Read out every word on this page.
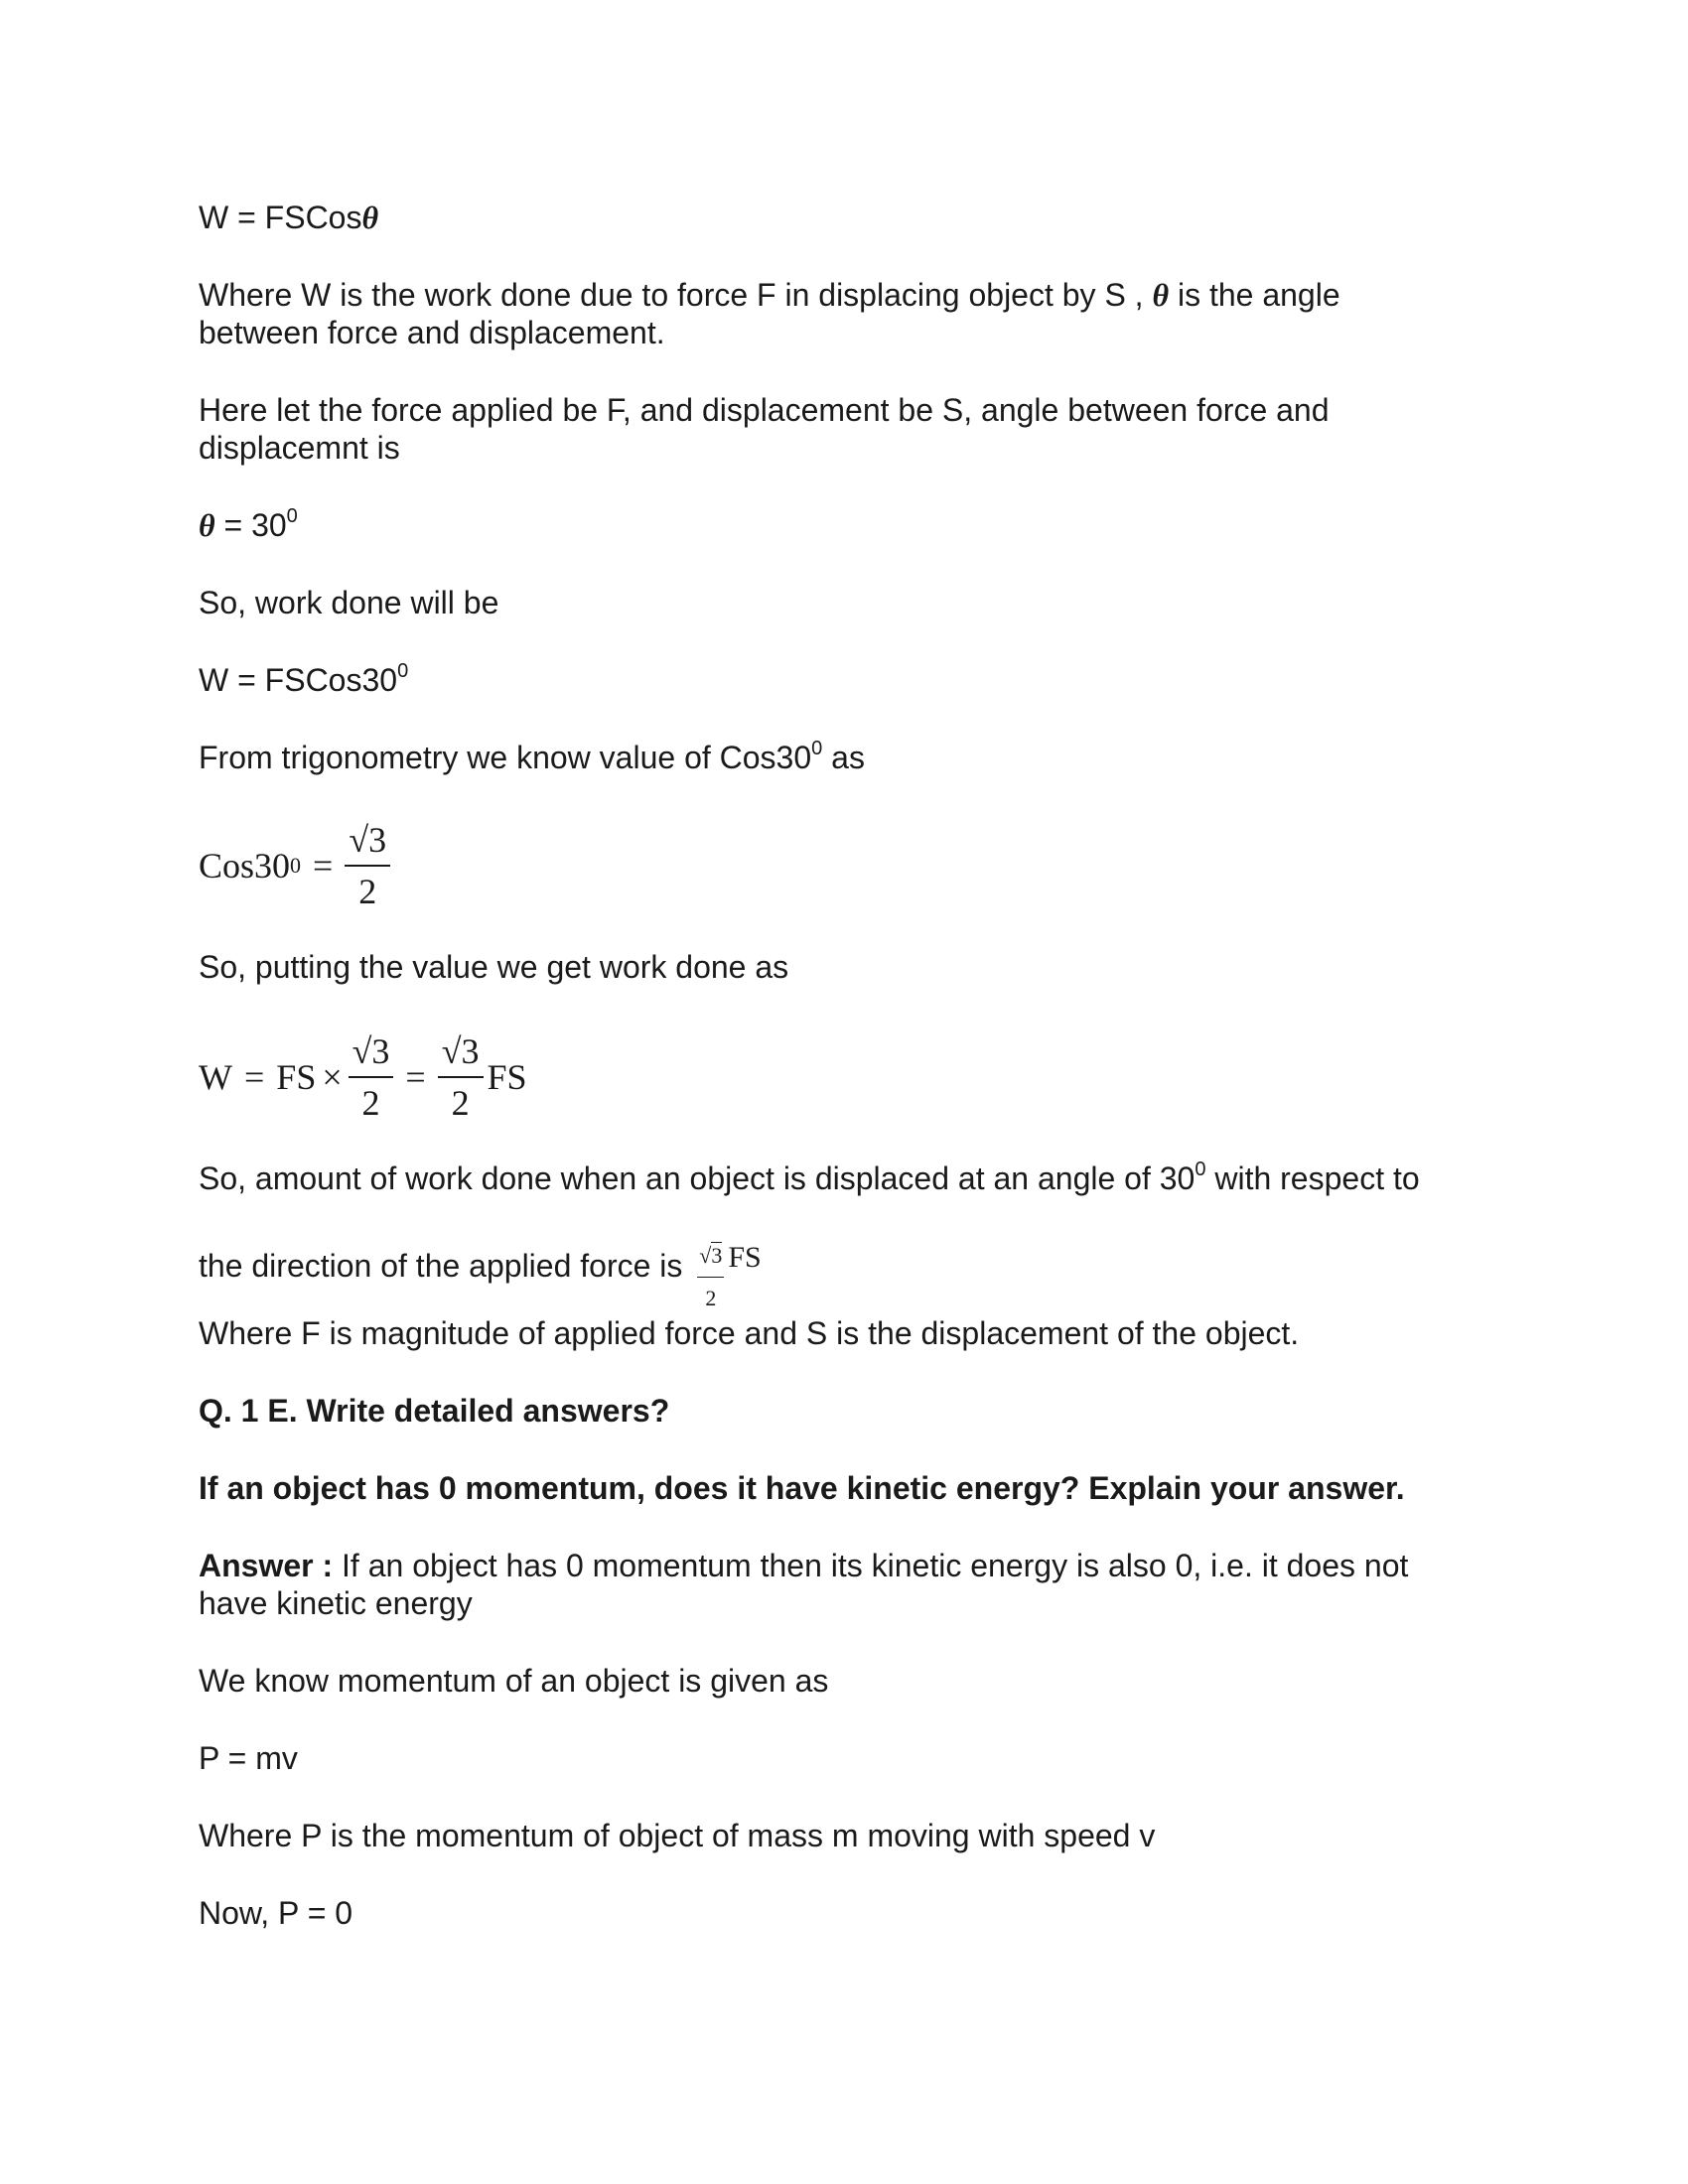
W = FSCosθ
Where W is the work done due to force F in displacing object by S , θ is the angle
between force and displacement.
Here let the force applied be F, and displacement be S, angle between force and
displacemnt is
$\theta = 30^0$
So, work done will be
$W = FSCos30^0$
From trigonometry we know value of $Cos30^0$ as
Cos30 $0 = \frac{√3}{2}$
So, putting the value we get work done as
W = FS × $\frac{√3}{2} = \frac{√3}{2}$ FS
So, amount of work done when an object is displaced at an angle of $30^0$ with respect to
the direction of the applied force is $\frac{√3}{2}$ FS
Where F is magnitude of applied force and S is the displacement of the object.
Q. 1 E. Write detailed answers?
If an object has 0 momentum, does it have kinetic energy? Explain your answer.
Answer : If an object has 0 momentum then its kinetic energy is also 0, i.e. it does not
have kinetic energy
We know momentum of an object is given as
P = mv
Where P is the momentum of object of mass m moving with speed v
Now, P = 0
